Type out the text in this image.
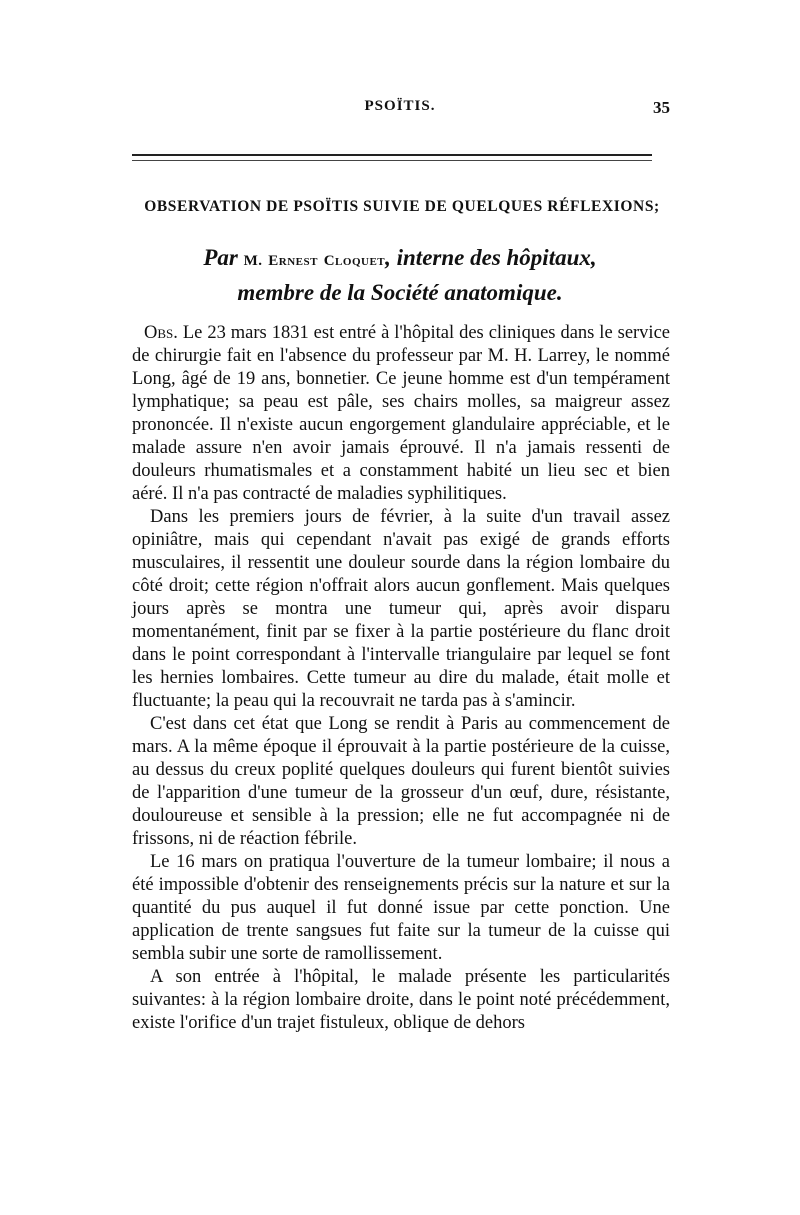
PSOÏTIS.	35
OBSERVATION DE PSOÏTIS SUIVIE DE QUELQUES RÉFLEXIONS;
Par M. Ernest Cloquet, interne des hôpitaux,
membre de la Société anatomique.

Obs. Le 23 mars 1831 est entré à l'hôpital des cliniques dans le service de chirurgie fait en l'absence du professeur par M. H. Larrey, le nommé Long, âgé de 19 ans, bonnetier. Ce jeune homme est d'un tempérament lymphatique; sa peau est pâle, ses chairs molles, sa maigreur assez prononcée. Il n'existe aucun engorgement glandulaire appréciable, et le malade assure n'en avoir jamais éprouvé. Il n'a jamais ressenti de douleurs rhumatismales et a constamment habité un lieu sec et bien aéré. Il n'a pas contracté de maladies syphilitiques.

Dans les premiers jours de février, à la suite d'un travail assez opiniâtre, mais qui cependant n'avait pas exigé de grands efforts musculaires, il ressentit une douleur sourde dans la région lombaire du côté droit; cette région n'offrait alors aucun gonflement. Mais quelques jours après se montra une tumeur qui, après avoir disparu momentanément, finit par se fixer à la partie postérieure du flanc droit dans le point correspondant à l'intervalle triangulaire par lequel se font les hernies lombaires. Cette tumeur au dire du malade, était molle et fluctuante; la peau qui la recouvrait ne tarda pas à s'amincir.

C'est dans cet état que Long se rendit à Paris au commencement de mars. A la même époque il éprouvait à la partie postérieure de la cuisse, au dessus du creux poplité quelques douleurs qui furent bientôt suivies de l'apparition d'une tumeur de la grosseur d'un œuf, dure, résistante, douloureuse et sensible à la pression; elle ne fut accompagnée ni de frissons, ni de réaction fébrile.

Le 16 mars on pratiqua l'ouverture de la tumeur lombaire; il nous a été impossible d'obtenir des renseignements précis sur la nature et sur la quantité du pus auquel il fut donné issue par cette ponction. Une application de trente sangsues fut faite sur la tumeur de la cuisse qui sembla subir une sorte de ramollissement.

A son entrée à l'hôpital, le malade présente les particularités suivantes: à la région lombaire droite, dans le point noté précédemment, existe l'orifice d'un trajet fistuleux, oblique de dehors
